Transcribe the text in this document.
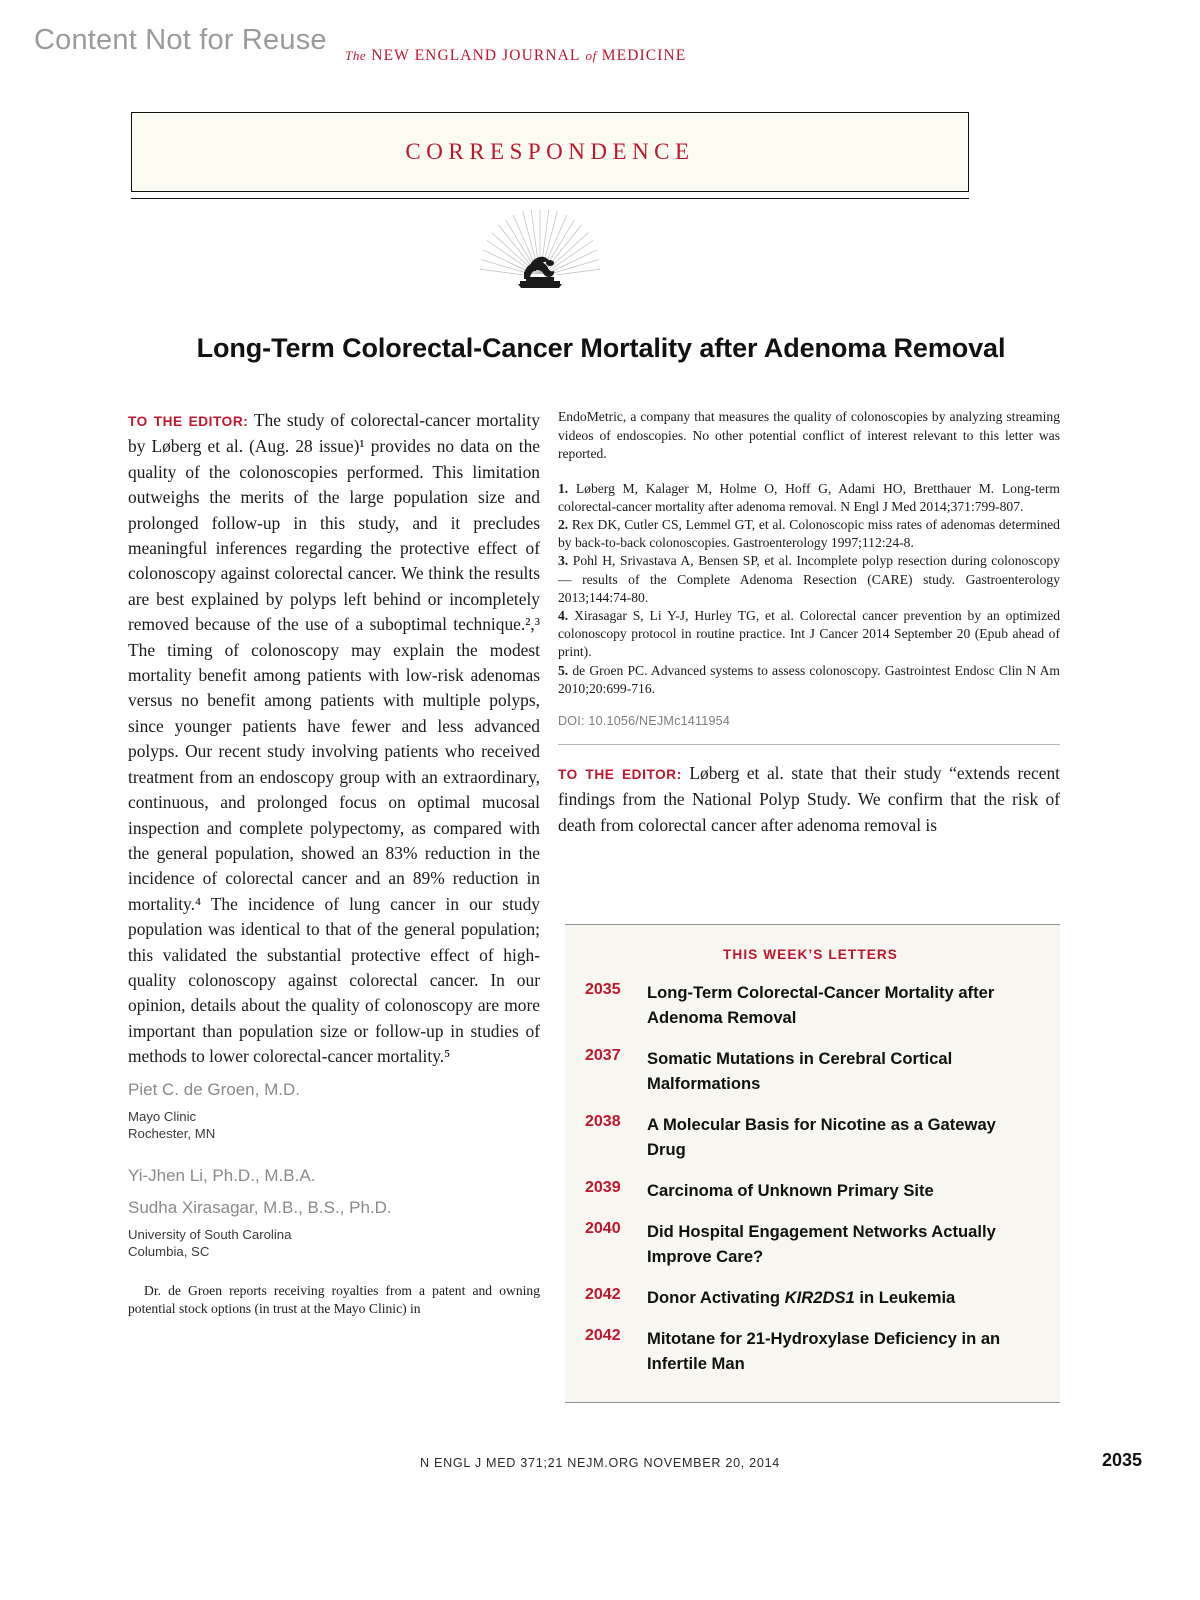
Content Not for Reuse The NEW ENGLAND JOURNAL of MEDICINE
CORRESPONDENCE
Long-Term Colorectal-Cancer Mortality after Adenoma Removal
TO THE EDITOR: The study of colorectal-cancer mortality by Løberg et al. (Aug. 28 issue)¹ provides no data on the quality of the colonoscopies performed. This limitation outweighs the merits of the large population size and prolonged follow-up in this study, and it precludes meaningful inferences regarding the protective effect of colonoscopy against colorectal cancer. We think the results are best explained by polyps left behind or incompletely removed because of the use of a suboptimal technique.²,³ The timing of colonoscopy may explain the modest mortality benefit among patients with low-risk adenomas versus no benefit among patients with multiple polyps, since younger patients have fewer and less advanced polyps. Our recent study involving patients who received treatment from an endoscopy group with an extraordinary, continuous, and prolonged focus on optimal mucosal inspection and complete polypectomy, as compared with the general population, showed an 83% reduction in the incidence of colorectal cancer and an 89% reduction in mortality.⁴ The incidence of lung cancer in our study population was identical to that of the general population; this validated the substantial protective effect of high-quality colonoscopy against colorectal cancer. In our opinion, details about the quality of colonoscopy are more important than population size or follow-up in studies of methods to lower colorectal-cancer mortality.⁵
Piet C. de Groen, M.D.
Mayo Clinic
Rochester, MN
Yi-Jhen Li, Ph.D., M.B.A.
Sudha Xirasagar, M.B., B.S., Ph.D.
University of South Carolina
Columbia, SC
Dr. de Groen reports receiving royalties from a patent and owning potential stock options (in trust at the Mayo Clinic) in
EndoMetric, a company that measures the quality of colonoscopies by analyzing streaming videos of endoscopies. No other potential conflict of interest relevant to this letter was reported.
1. Løberg M, Kalager M, Holme O, Hoff G, Adami HO, Bretthauer M. Long-term colorectal-cancer mortality after adenoma removal. N Engl J Med 2014;371:799-807.
2. Rex DK, Cutler CS, Lemmel GT, et al. Colonoscopic miss rates of adenomas determined by back-to-back colonoscopies. Gastroenterology 1997;112:24-8.
3. Pohl H, Srivastava A, Bensen SP, et al. Incomplete polyp resection during colonoscopy — results of the Complete Adenoma Resection (CARE) study. Gastroenterology 2013;144:74-80.
4. Xirasagar S, Li Y-J, Hurley TG, et al. Colorectal cancer prevention by an optimized colonoscopy protocol in routine practice. Int J Cancer 2014 September 20 (Epub ahead of print).
5. de Groen PC. Advanced systems to assess colonoscopy. Gastrointest Endosc Clin N Am 2010;20:699-716.
DOI: 10.1056/NEJMc1411954
TO THE EDITOR: Løberg et al. state that their study “extends recent findings from the National Polyp Study. We confirm that the risk of death from colorectal cancer after adenoma removal is
THIS WEEK’S LETTERS
2035	Long-Term Colorectal-Cancer Mortality after Adenoma Removal
2037	Somatic Mutations in Cerebral Cortical Malformations
2038	A Molecular Basis for Nicotine as a Gateway Drug
2039	Carcinoma of Unknown Primary Site
2040	Did Hospital Engagement Networks Actually Improve Care?
2042	Donor Activating KIR2DS1 in Leukemia
2042	Mitotane for 21-Hydroxylase Deficiency in an Infertile Man
N ENGL J MED 371;21 NEJM.ORG NOVEMBER 20, 2014	2035
